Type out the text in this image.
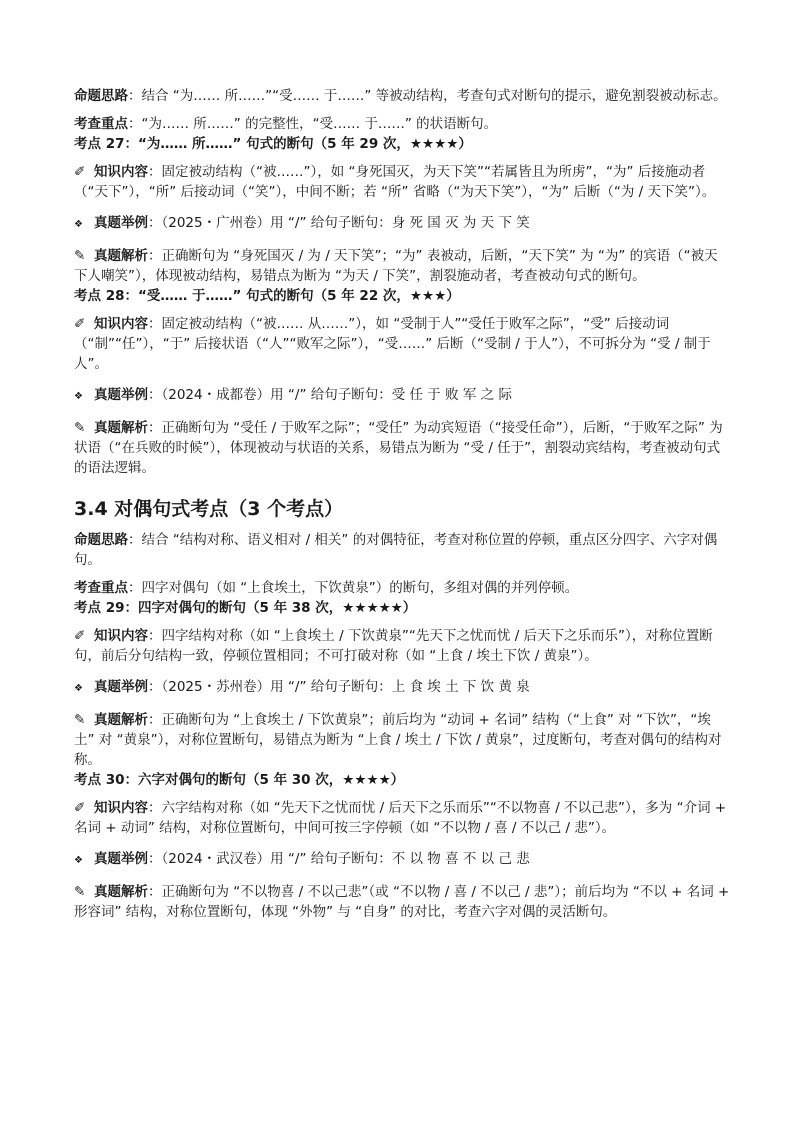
命题思路：结合 “为…… 所……”“受…… 于……” 等被动结构，考查句式对断句的提示，避免割裂被动标志。

考查重点：“为…… 所……” 的完整性，“受…… 于……” 的状语断句。

考点 27：“为…… 所……” 句式的断句（5 年 29 次，★★★★）

✐ 知识内容：固定被动结构（“被……”），如 “身死国灭，为天下笑”“若属皆且为所虏”，“为” 后接施动者（“天下”），“所” 后接动词（“笑”），中间不断；若 “所” 省略（“为天下笑”），“为” 后断（“为 / 天下笑”）。

❖ 真题举例：（2025・广州卷）用 “/” 给句子断句：身 死 国 灭 为 天 下 笑

✎ 真题解析：正确断句为 “身死国灭 / 为 / 天下笑”；“为” 表被动，后断，“天下笑” 为 “为” 的宾语（“被天下人嘲笑”），体现被动结构，易错点为断为 “为天 / 下笑”，割裂施动者，考查被动句式的断句。

考点 28：“受…… 于……” 句式的断句（5 年 22 次，★★★）

✐ 知识内容：固定被动结构（“被…… 从……”），如 “受制于人”“受任于败军之际”，“受” 后接动词（“制”“任”），“于” 后接状语（“人”“败军之际”），“受……” 后断（“受制 / 于人”），不可拆分为 “受 / 制于人”。

❖ 真题举例：（2024・成都卷）用 “/” 给句子断句：受 任 于 败 军 之 际

✎ 真题解析：正确断句为 “受任 / 于败军之际”；“受任” 为动宾短语（“接受任命”），后断，“于败军之际” 为状语（“在兵败的时候”），体现被动与状语的关系，易错点为断为 “受 / 任于”，割裂动宾结构，考查被动句式的语法逻辑。

3.4 对偶句式考点（3 个考点）

命题思路：结合 “结构对称、语义相对 / 相关” 的对偶特征，考查对称位置的停顿，重点区分四字、六字对偶句。

考查重点：四字对偶句（如 “上食埃土，下饮黄泉”）的断句，多组对偶的并列停顿。

考点 29：四字对偶句的断句（5 年 38 次，★★★★★）

✐ 知识内容：四字结构对称（如 “上食埃土 / 下饮黄泉”“先天下之忧而忧 / 后天下之乐而乐”），对称位置断句，前后分句结构一致，停顿位置相同；不可打破对称（如 “上食 / 埃土下饮 / 黄泉”）。

❖ 真题举例：（2025・苏州卷）用 “/” 给句子断句：上 食 埃 土 下 饮 黄 泉

✎ 真题解析：正确断句为 “上食埃土 / 下饮黄泉”；前后均为 “动词 + 名词” 结构（“上食” 对 “下饮”，“埃土” 对 “黄泉”），对称位置断句，易错点为断为 “上食 / 埃土 / 下饮 / 黄泉”，过度断句，考查对偶句的结构对称。

考点 30：六字对偶句的断句（5 年 30 次，★★★★）

✐ 知识内容：六字结构对称（如 “先天下之忧而忧 / 后天下之乐而乐”“不以物喜 / 不以己悲”），多为 “介词 + 名词 + 动词” 结构，对称位置断句，中间可按三字停顿（如 “不以物 / 喜 / 不以己 / 悲”）。

❖ 真题举例：（2024・武汉卷）用 “/” 给句子断句：不 以 物 喜 不 以 己 悲

✎ 真题解析：正确断句为 “不以物喜 / 不以己悲”（或 “不以物 / 喜 / 不以己 / 悲”）；前后均为 “不以 + 名词 + 形容词” 结构，对称位置断句，体现 “外物” 与 “自身” 的对比，考查六字对偶的灵活断句。
